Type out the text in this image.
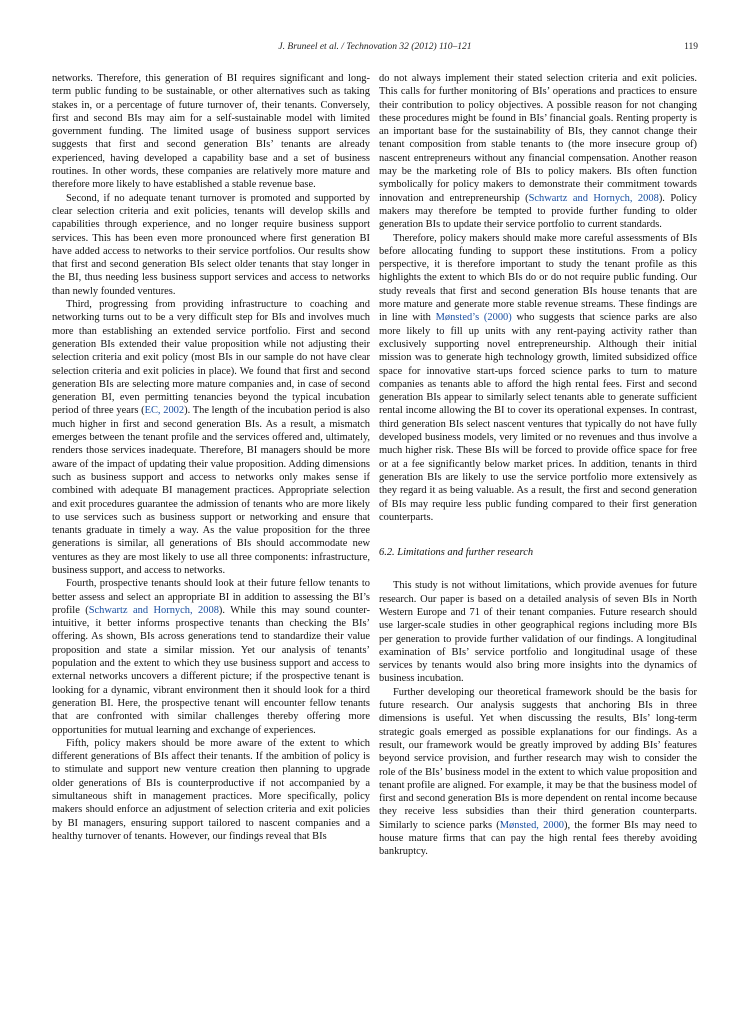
J. Bruneel et al. / Technovation 32 (2012) 110–121	119

networks. Therefore, this generation of BI requires significant and long-term public funding to be sustainable, or other alternatives such as taking stakes in, or a percentage of future turnover of, their tenants. Conversely, first and second BIs may aim for a self-sustainable model with limited government funding. The limited usage of business support services suggests that first and second generation BIs’ tenants are already experienced, having developed a capability base and a set of business routines. In other words, these companies are relatively more mature and therefore more likely to have established a stable revenue base.

Second, if no adequate tenant turnover is promoted and supported by clear selection criteria and exit policies, tenants will develop skills and capabilities through experience, and no longer require business support services. This has been even more pronounced where first generation BI have added access to networks to their service portfolios. Our results show that first and second generation BIs select older tenants that stay longer in the BI, thus needing less business support services and access to networks than newly founded ventures.

Third, progressing from providing infrastructure to coaching and networking turns out to be a very difficult step for BIs and involves much more than establishing an extended service portfolio. First and second generation BIs extended their value proposition while not adjusting their selection criteria and exit policy (most BIs in our sample do not have clear selection criteria and exit policies in place). We found that first and second generation BIs are selecting more mature companies and, in case of second generation BI, even permitting tenancies beyond the typical incubation period of three years (EC, 2002). The length of the incubation period is also much higher in first and second generation BIs. As a result, a mismatch emerges between the tenant profile and the services offered and, ultimately, renders those services inadequate. Therefore, BI managers should be more aware of the impact of updating their value proposition. Adding dimensions such as business support and access to networks only makes sense if combined with adequate BI management practices. Appropriate selection and exit procedures guarantee the admission of tenants who are more likely to use services such as business support or networking and ensure that tenants graduate in timely a way. As the value proposition for the three generations is similar, all generations of BIs should accommodate new ventures as they are most likely to use all three components: infrastructure, business support, and access to networks.

Fourth, prospective tenants should look at their future fellow tenants to better assess and select an appropriate BI in addition to assessing the BI’s profile (Schwartz and Hornych, 2008). While this may sound counter-intuitive, it better informs prospective tenants than checking the BIs’ offering. As shown, BIs across generations tend to standardize their value proposition and state a similar mission. Yet our analysis of tenants’ population and the extent to which they use business support and access to external networks uncovers a different picture; if the prospective tenant is looking for a dynamic, vibrant environment then it should look for a third generation BI. Here, the prospective tenant will encounter fellow tenants that are confronted with similar challenges thereby offering more opportunities for mutual learning and exchange of experiences.

Fifth, policy makers should be more aware of the extent to which different generations of BIs affect their tenants. If the ambition of policy is to stimulate and support new venture creation then planning to upgrade older generations of BIs is counterproductive if not accompanied by a simultaneous shift in management practices. More specifically, policy makers should enforce an adjustment of selection criteria and exit policies by BI managers, ensuring support tailored to nascent companies and a healthy turnover of tenants. However, our findings reveal that BIs

do not always implement their stated selection criteria and exit policies. This calls for further monitoring of BIs’ operations and practices to ensure their contribution to policy objectives. A possible reason for not changing these procedures might be found in BIs’ financial goals. Renting property is an important base for the sustainability of BIs, they cannot change their tenant composition from stable tenants to (the more insecure group of) nascent entrepreneurs without any financial compensation. Another reason may be the marketing role of BIs to policy makers. BIs often function symbolically for policy makers to demonstrate their commitment towards innovation and entrepreneurship (Schwartz and Hornych, 2008). Policy makers may therefore be tempted to provide further funding to older generation BIs to update their service portfolio to current standards.

Therefore, policy makers should make more careful assessments of BIs before allocating funding to support these institutions. From a policy perspective, it is therefore important to study the tenant profile as this highlights the extent to which BIs do or do not require public funding. Our study reveals that first and second generation BIs house tenants that are more mature and generate more stable revenue streams. These findings are in line with Mønsted’s (2000) who suggests that science parks are also more likely to fill up units with any rent-paying activity rather than exclusively supporting novel entrepreneurship. Although their initial mission was to generate high technology growth, limited subsidized office space for innovative start-ups forced science parks to turn to mature companies as tenants able to afford the high rental fees. First and second generation BIs appear to similarly select tenants able to generate sufficient rental income allowing the BI to cover its operational expenses. In contrast, third generation BIs select nascent ventures that typically do not have fully developed business models, very limited or no revenues and thus involve a much higher risk. These BIs will be forced to provide office space for free or at a fee significantly below market prices. In addition, tenants in third generation BIs are likely to use the service portfolio more extensively as they regard it as being valuable. As a result, the first and second generation of BIs may require less public funding compared to their first generation counterparts.

6.2. Limitations and further research

This study is not without limitations, which provide avenues for future research. Our paper is based on a detailed analysis of seven BIs in North Western Europe and 71 of their tenant companies. Future research should use larger-scale studies in other geographical regions including more BIs per generation to provide further validation of our findings. A longitudinal examination of BIs’ service portfolio and longitudinal usage of these services by tenants would also bring more insights into the dynamics of business incubation.

Further developing our theoretical framework should be the basis for future research. Our analysis suggests that anchoring BIs in three dimensions is useful. Yet when discussing the results, BIs’ long-term strategic goals emerged as possible explanations for our findings. As a result, our framework would be greatly improved by adding BIs’ features beyond service provision, and further research may wish to consider the role of the BIs’ business model in the extent to which value proposition and tenant profile are aligned. For example, it may be that the business model of first and second generation BIs is more dependent on rental income because they receive less subsidies than their third generation counterparts. Similarly to science parks (Mønsted, 2000), the former BIs may need to house mature firms that can pay the high rental fees thereby avoiding bankruptcy.
